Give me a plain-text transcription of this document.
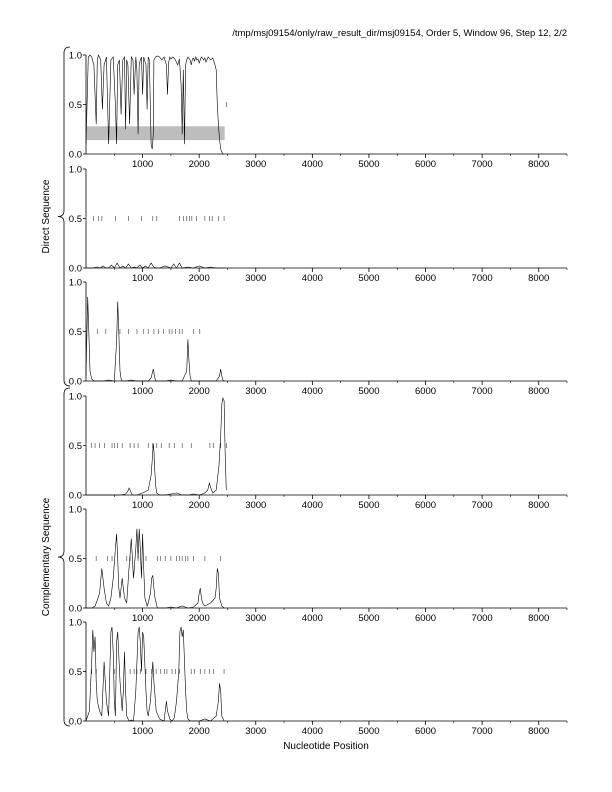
/tmp/msj09154/only/raw_result_dir/msj09154, Order 5, Window 96, Step 12, 2/2
Direct Sequence
Complementary Sequence
0.0
0.5
1.0
1000	2000	3000	4000	5000	6000	7000	8000
0.0
0.5
1.0
1000	2000	3000	4000	5000	6000	7000	8000
0.0
0.5
1.0
1000	2000	3000	4000	5000	6000	7000	8000
0.0
0.5
1.0
1000	2000	3000	4000	5000	6000	7000	8000
0.0
0.5
1.0
1000	2000	3000	4000	5000	6000	7000	8000
0.0
0.5
1.0
1000	2000	3000	4000	5000	6000	7000	8000
Nucleotide Position
